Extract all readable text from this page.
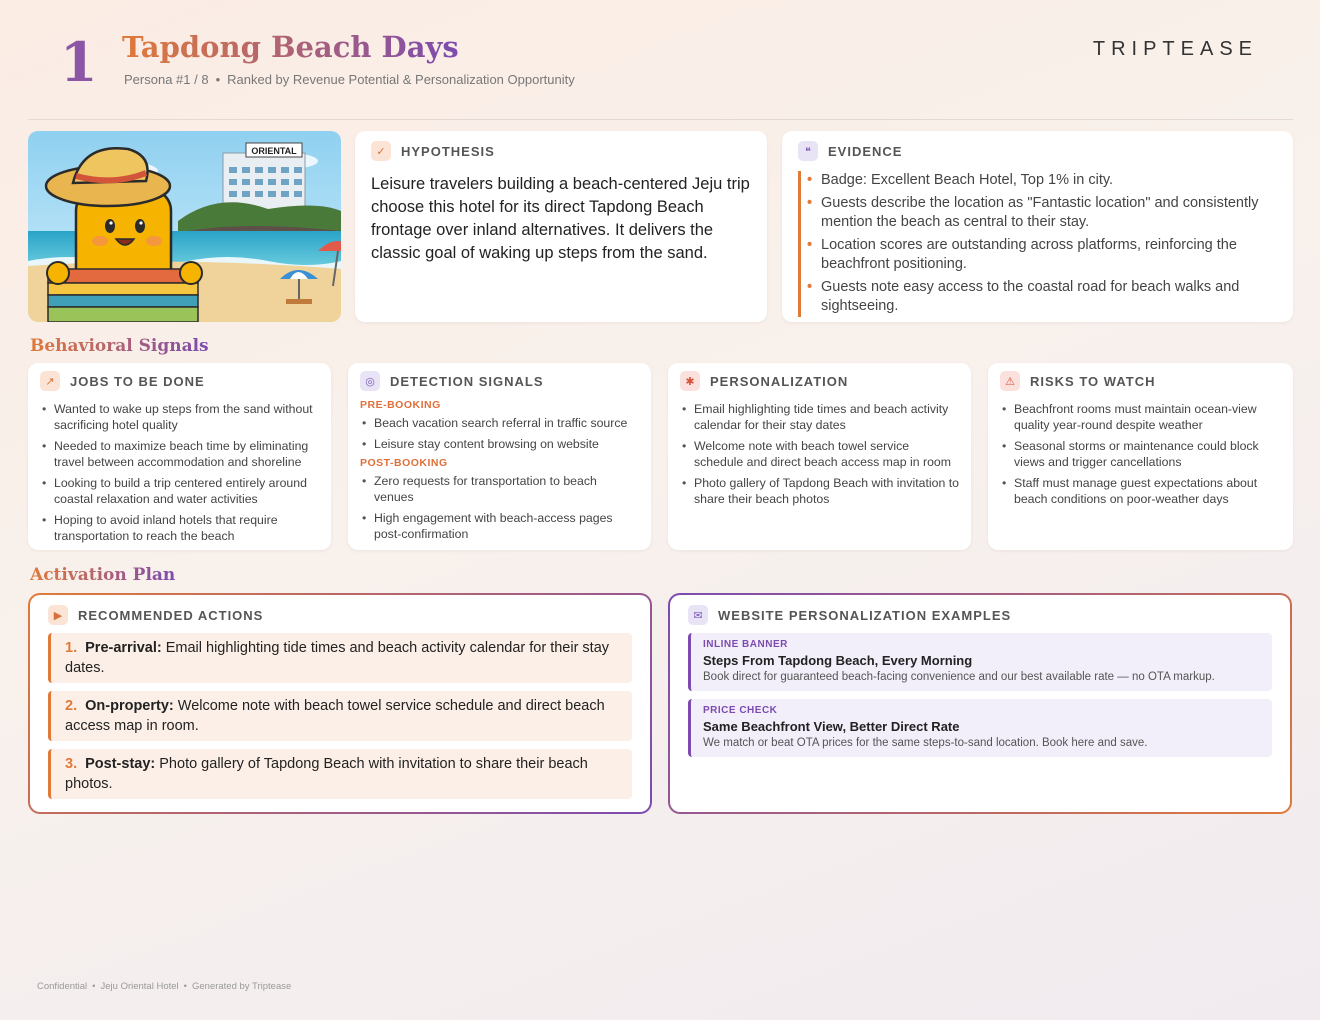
1 Tapdong Beach Days
Persona #1 / 8 • Ranked by Revenue Potential & Personalization Opportunity
TRIPTEASE
ORIENTAL	✓	HYPOTHESIS
Leisure travelers building a beach-centered Jeju trip choose this hotel for its direct Tapdong Beach frontage over inland alternatives. It delivers the classic goal of waking up steps from the sand.
❝	EVIDENCE
• Badge: Excellent Beach Hotel, Top 1% in city.
• Guests describe the location as "Fantastic location" and consistently mention the beach as central to their stay.
• Location scores are outstanding across platforms, reinforcing the beachfront positioning.
• Guests note easy access to the coastal road for beach walks and sightseeing.
Behavioral Signals
↗	JOBS TO BE DONE
• Wanted to wake up steps from the sand without sacrificing hotel quality
• Needed to maximize beach time by eliminating travel between accommodation and shoreline
• Looking to build a trip centered entirely around coastal relaxation and water activities
• Hoping to avoid inland hotels that require transportation to reach the beach
◎	DETECTION SIGNALS
PRE-BOOKING
• Beach vacation search referral in traffic source
• Leisure stay content browsing on website
POST-BOOKING
• Zero requests for transportation to beach venues
• High engagement with beach-access pages post-confirmation
✱	PERSONALIZATION
• Email highlighting tide times and beach activity calendar for their stay dates
• Welcome note with beach towel service schedule and direct beach access map in room
• Photo gallery of Tapdong Beach with invitation to share their beach photos
⚠	RISKS TO WATCH
• Beachfront rooms must maintain ocean-view quality year-round despite weather
• Seasonal storms or maintenance could block views and trigger cancellations
• Staff must manage guest expectations about beach conditions on poor-weather days
Activation Plan
▶	RECOMMENDED ACTIONS
1. Pre-arrival: Email highlighting tide times and beach activity calendar for their stay dates.
2. On-property: Welcome note with beach towel service schedule and direct beach access map in room.
3. Post-stay: Photo gallery of Tapdong Beach with invitation to share their beach photos.
✉	WEBSITE PERSONALIZATION EXAMPLES
INLINE BANNER
Steps From Tapdong Beach, Every Morning
Book direct for guaranteed beach-facing convenience and our best available rate — no OTA markup.
PRICE CHECK
Same Beachfront View, Better Direct Rate
We match or beat OTA prices for the same steps-to-sand location. Book here and save.
Confidential • Jeju Oriental Hotel • Generated by Triptease
